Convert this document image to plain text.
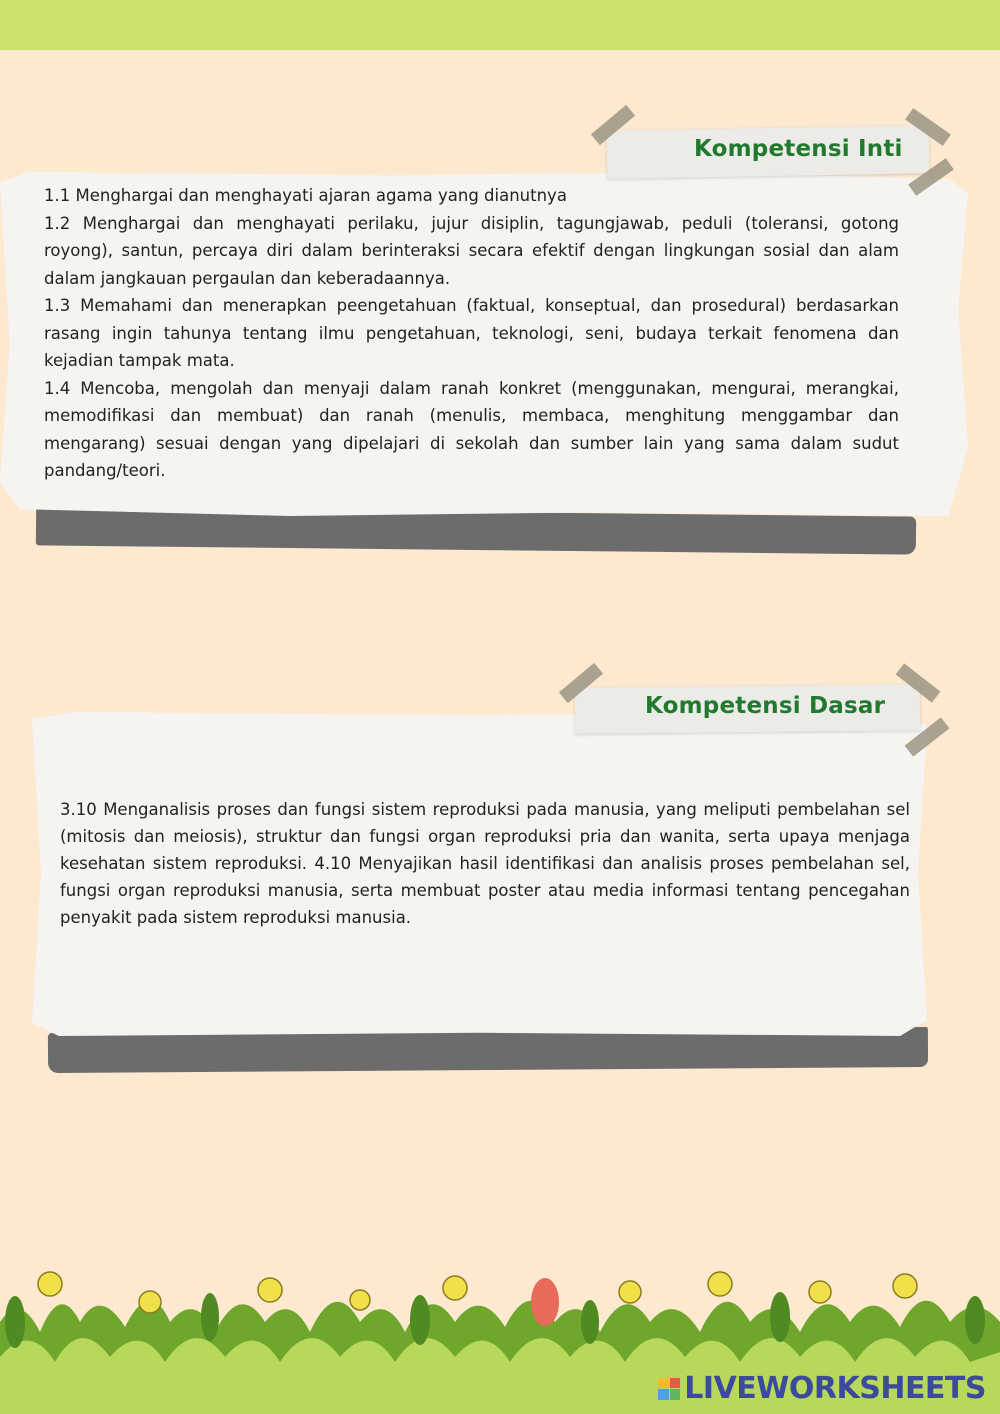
Kompetensi Inti

1.1 Menghargai dan menghayati ajaran agama yang dianutnya

1.2 Menghargai dan menghayati perilaku, jujur disiplin, tagungjawab, peduli (toleransi, gotong royong), santun, percaya diri dalam berinteraksi secara efektif dengan lingkungan sosial dan alam dalam jangkauan pergaulan dan keberadaannya.

1.3 Memahami dan menerapkan peengetahuan (faktual, konseptual, dan prosedural) berdasarkan rasang ingin tahunya tentang ilmu pengetahuan, teknologi, seni, budaya terkait fenomena dan kejadian tampak mata.

1.4 Mencoba, mengolah dan menyaji dalam ranah konkret (menggunakan, mengurai, merangkai, memodifikasi dan membuat) dan ranah (menulis, membaca, menghitung menggambar dan mengarang) sesuai dengan yang dipelajari di sekolah dan sumber lain yang sama dalam sudut pandang/teori.

Kompetensi Dasar

3.10 Menganalisis proses dan fungsi sistem reproduksi pada manusia, yang meliputi pembelahan sel (mitosis dan meiosis), struktur dan fungsi organ reproduksi pria dan wanita, serta upaya menjaga kesehatan sistem reproduksi. 4.10 Menyajikan hasil identifikasi dan analisis proses pembelahan sel, fungsi organ reproduksi manusia, serta membuat poster atau media informasi tentang pencegahan penyakit pada sistem reproduksi manusia.

LIVEWORKSHEETS
